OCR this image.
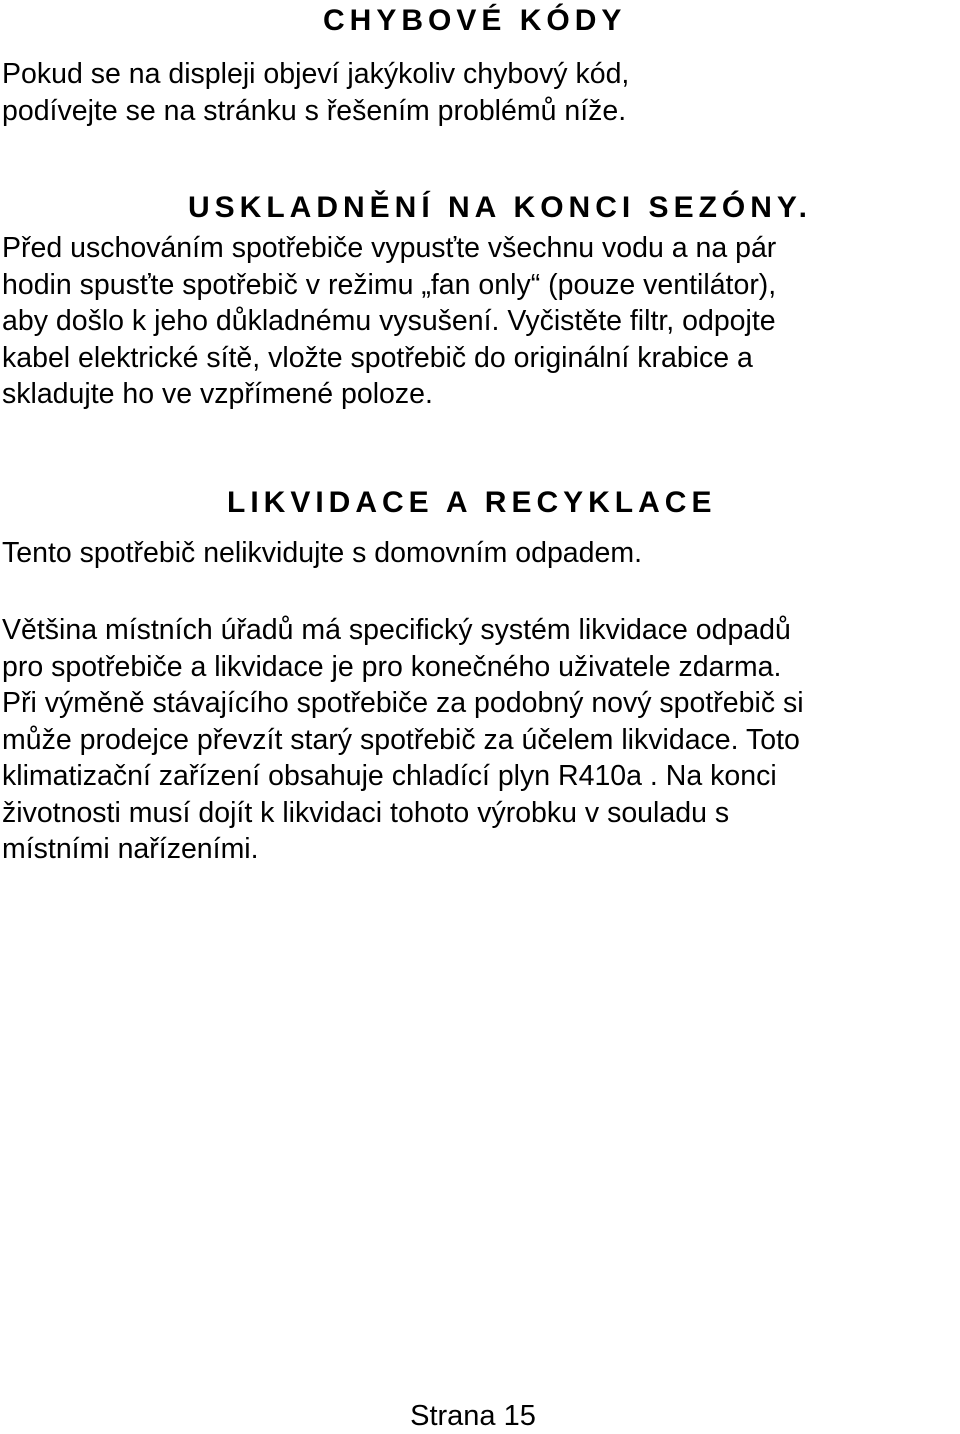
CHYBOVÉ KÓDY
Pokud se na displeji objeví jakýkoliv chybový kód,
podívejte se na stránku s řešením problémů níže.
USKLADNĚNÍ NA KONCI SEZÓNY.
Před uschováním spotřebiče vypusťte všechnu vodu a na pár
hodin spusťte spotřebič v režimu „fan only“ (pouze ventilátor),
aby došlo k jeho důkladnému vysušení. Vyčistěte filtr, odpojte
kabel elektrické sítě, vložte spotřebič do originální krabice a
skladujte ho ve vzpřímené poloze.
LIKVIDACE A RECYKLACE
Tento spotřebič nelikvidujte s domovním odpadem.
Většina místních úřadů má specifický systém likvidace odpadů
pro spotřebiče a likvidace je pro konečného uživatele zdarma.
Při výměně stávajícího spotřebiče za podobný nový spotřebič si
může prodejce převzít starý spotřebič za účelem likvidace. Toto
klimatizační zařízení obsahuje chladící plyn R410a . Na konci
životnosti musí dojít k likvidaci tohoto výrobku v souladu s
místními nařízeními.
Strana 15
